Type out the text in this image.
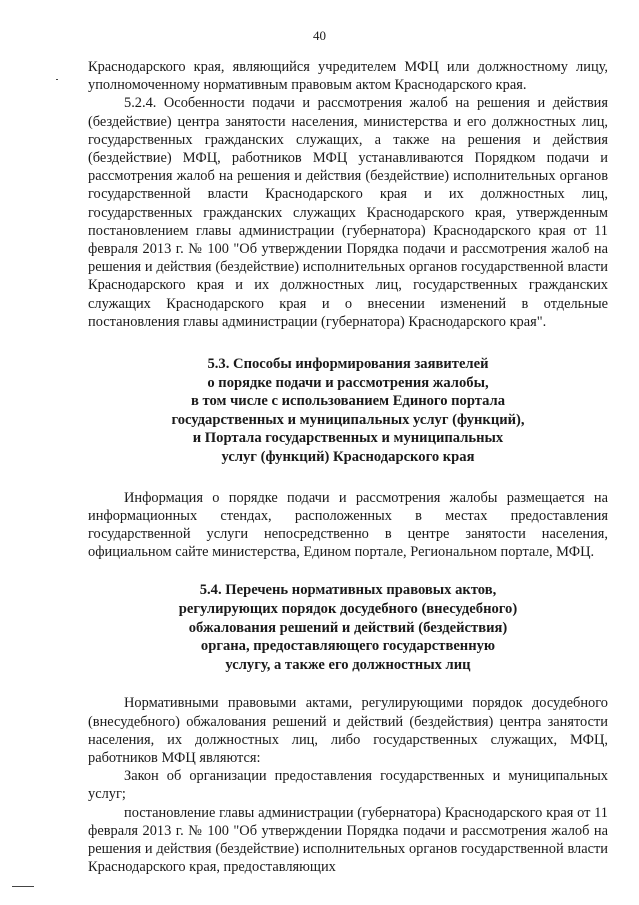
40

Краснодарского края, являющийся учредителем МФЦ или должностному лицу, уполномоченному нормативным правовым актом Краснодарского края.

5.2.4. Особенности подачи и рассмотрения жалоб на решения и действия (бездействие) центра занятости населения, министерства и его должностных лиц, государственных гражданских служащих, а также на решения и действия (бездействие) МФЦ, работников МФЦ устанавливаются Порядком подачи и рассмотрения жалоб на решения и действия (бездействие) исполнительных органов государственной власти Краснодарского края и их должностных лиц, государственных гражданских служащих Краснодарского края, утвержденным постановлением главы администрации (губернатора) Краснодарского края от 11 февраля 2013 г. № 100 "Об утверждении Порядка подачи и рассмотрения жалоб на решения и действия (бездействие) исполнительных органов государственной власти Краснодарского края и их должностных лиц, государственных гражданских служащих Краснодарского края и о внесении изменений в отдельные постановления главы администрации (губернатора) Краснодарского края".

5.3. Способы информирования заявителей
о порядке подачи и рассмотрения жалобы,
в том числе с использованием Единого портала
государственных и муниципальных услуг (функций),
и Портала государственных и муниципальных
услуг (функций) Краснодарского края

Информация о порядке подачи и рассмотрения жалобы размещается на информационных стендах, расположенных в местах предоставления государственной услуги непосредственно в центре занятости населения, официальном сайте министерства, Едином портале, Региональном портале, МФЦ.

5.4. Перечень нормативных правовых актов,
регулирующих порядок досудебного (внесудебного)
обжалования решений и действий (бездействия)
органа, предоставляющего государственную
услугу, а также его должностных лиц

Нормативными правовыми актами, регулирующими порядок досудебного (внесудебного) обжалования решений и действий (бездействия) центра занятости населения, их должностных лиц, либо государственных служащих, МФЦ, работников МФЦ являются:

Закон об организации предоставления государственных и муниципальных услуг;

постановление главы администрации (губернатора) Краснодарского края от 11 февраля 2013 г. № 100 "Об утверждении Порядка подачи и рассмотрения жалоб на решения и действия (бездействие) исполнительных органов государственной власти Краснодарского края, предоставляющих
